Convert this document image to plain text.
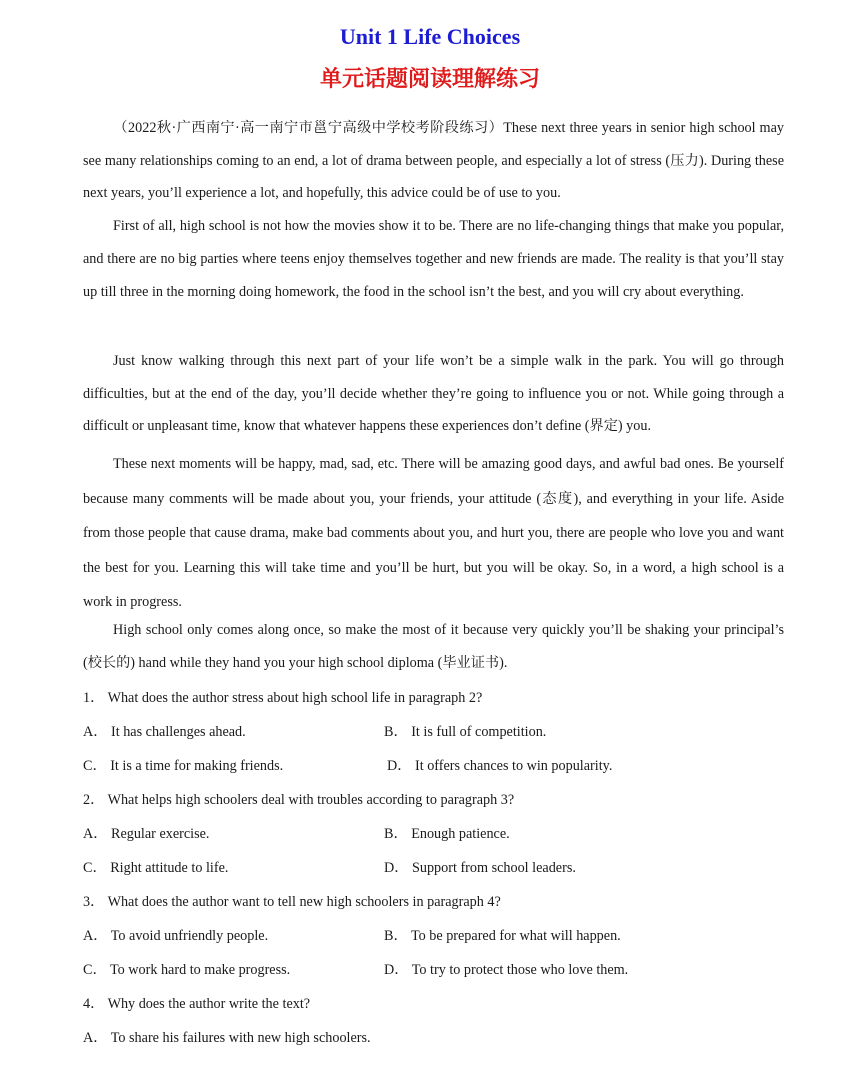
Unit 1 Life Choices
单元话题阅读理解练习

（2022秋·广西南宁·高一南宁市邕宁高级中学校考阶段练习）These next three years in senior high school may see many relationships coming to an end, a lot of drama between people, and especially a lot of stress (压力). During these next years, you’ll experience a lot, and hopefully, this advice could be of use to you.

First of all, high school is not how the movies show it to be. There are no life-changing things that make you popular, and there are no big parties where teens enjoy themselves together and new friends are made. The reality is that you’ll stay up till three in the morning doing homework, the food in the school isn’t the best, and you will cry about everything.

Just know walking through this next part of your life won’t be a simple walk in the park. You will go through difficulties, but at the end of the day, you’ll decide whether they’re going to influence you or not. While going through a difficult or unpleasant time, know that whatever happens these experiences don’t define (界定) you.

These next moments will be happy, mad, sad, etc. There will be amazing good days, and awful bad ones. Be yourself because many comments will be made about you, your friends, your attitude (态度), and everything in your life. Aside from those people that cause drama, make bad comments about you, and hurt you, there are people who love you and want the best for you. Learning this will take time and you’ll be hurt, but you will be okay. So, in a word, a high school is a work in progress.

High school only comes along once, so make the most of it because very quickly you’ll be shaking your principal’s (校长的) hand while they hand you your high school diploma (毕业证书).

1． What does the author stress about high school life in paragraph 2?
A． It has challenges ahead.	B． It is full of competition.
C． It is a time for making friends.	D． It offers chances to win popularity.
2． What helps high schoolers deal with troubles according to paragraph 3?
A． Regular exercise.	B． Enough patience.
C． Right attitude to life.	D． Support from school leaders.
3． What does the author want to tell new high schoolers in paragraph 4?
A． To avoid unfriendly people.	B． To be prepared for what will happen.
C． To work hard to make progress.	D． To try to protect those who love them.
4． Why does the author write the text?
A． To share his failures with new high schoolers.
